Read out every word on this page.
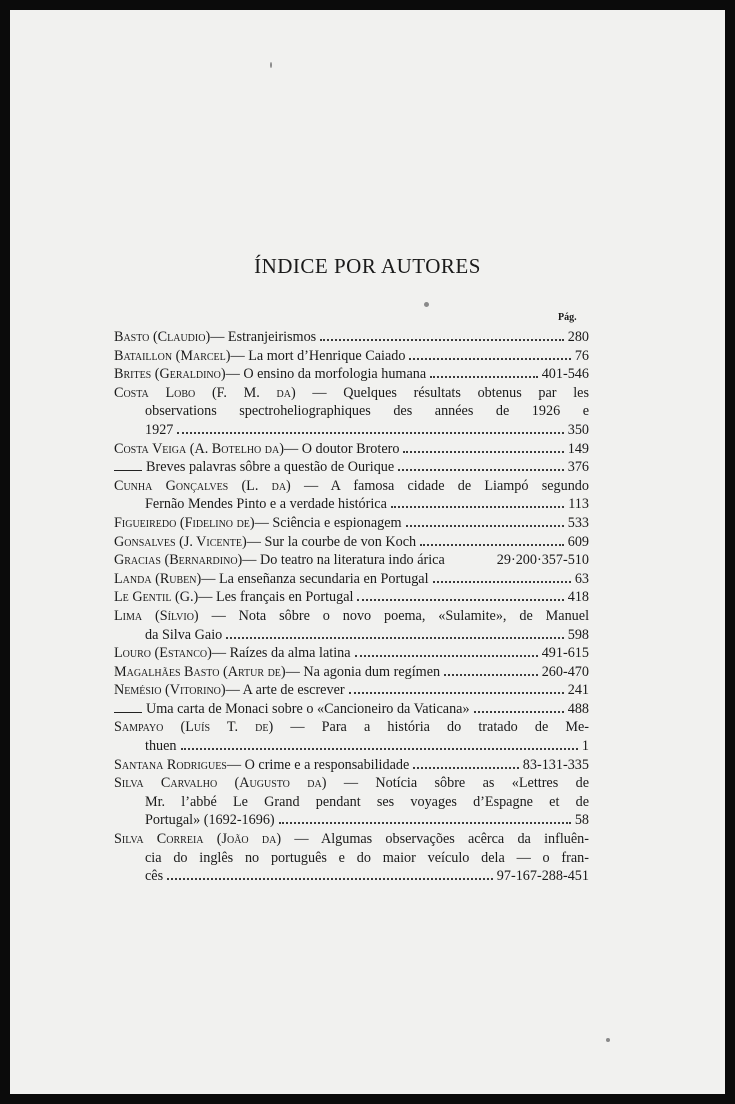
ÍNDICE POR AUTORES
Pág.
Basto (Claudio) — Estranjeirismos	280
Bataillon (Marcel) — La mort d’Henrique Caiado	76
Brites (Geraldino) — O ensino da morfologia humana	401-546
Costa Lobo (F. M. da) — Quelques résultats obtenus par les
observations spectroheliographiques des années de 1926 e
1927	350
Costa Veiga (A. Botelho da) — O doutor Brotero	149
Breves palavras sôbre a questão de Ourique	376
Cunha Gonçalves (L. da) — A famosa cidade de Liampó segundo
Fernão Mendes Pinto e a verdade histórica	113
Figueiredo (Fidelino de) — Sciência e espionagem	533
Gonsalves (J. Vicente) — Sur la courbe de von Koch	609
Gracias (Bernardino) — Do teatro na literatura indo árica	29·200·357-510
Landa (Ruben) — La enseñanza secundaria en Portugal	63
Le Gentil (G.) — Les français en Portugal	418
Lima (Sílvio) — Nota sôbre o novo poema, «Sulamite», de Manuel
da Silva Gaio	598
Louro (Estanco) — Raízes da alma latina	491-615
Magalhães Basto (Artur de) — Na agonia dum regímen	260-470
Nemésio (Vitorino) — A arte de escrever	241
Uma carta de Monaci sobre o «Cancioneiro da Vaticana»	488
Sampayo (Luís T. de) — Para a história do tratado de Me-
thuen	1
Santana Rodrigues — O crime e a responsabilidade	83-131-335
Silva Carvalho (Augusto da) — Notícia sôbre as «Lettres de
Mr. l’abbé Le Grand pendant ses voyages d’Espagne et de
Portugal» (1692-1696)	58
Silva Correia (João da) — Algumas observações acêrca da influên-
cia do inglês no português e do maior veículo dela — o fran-
cês	97-167-288-451
